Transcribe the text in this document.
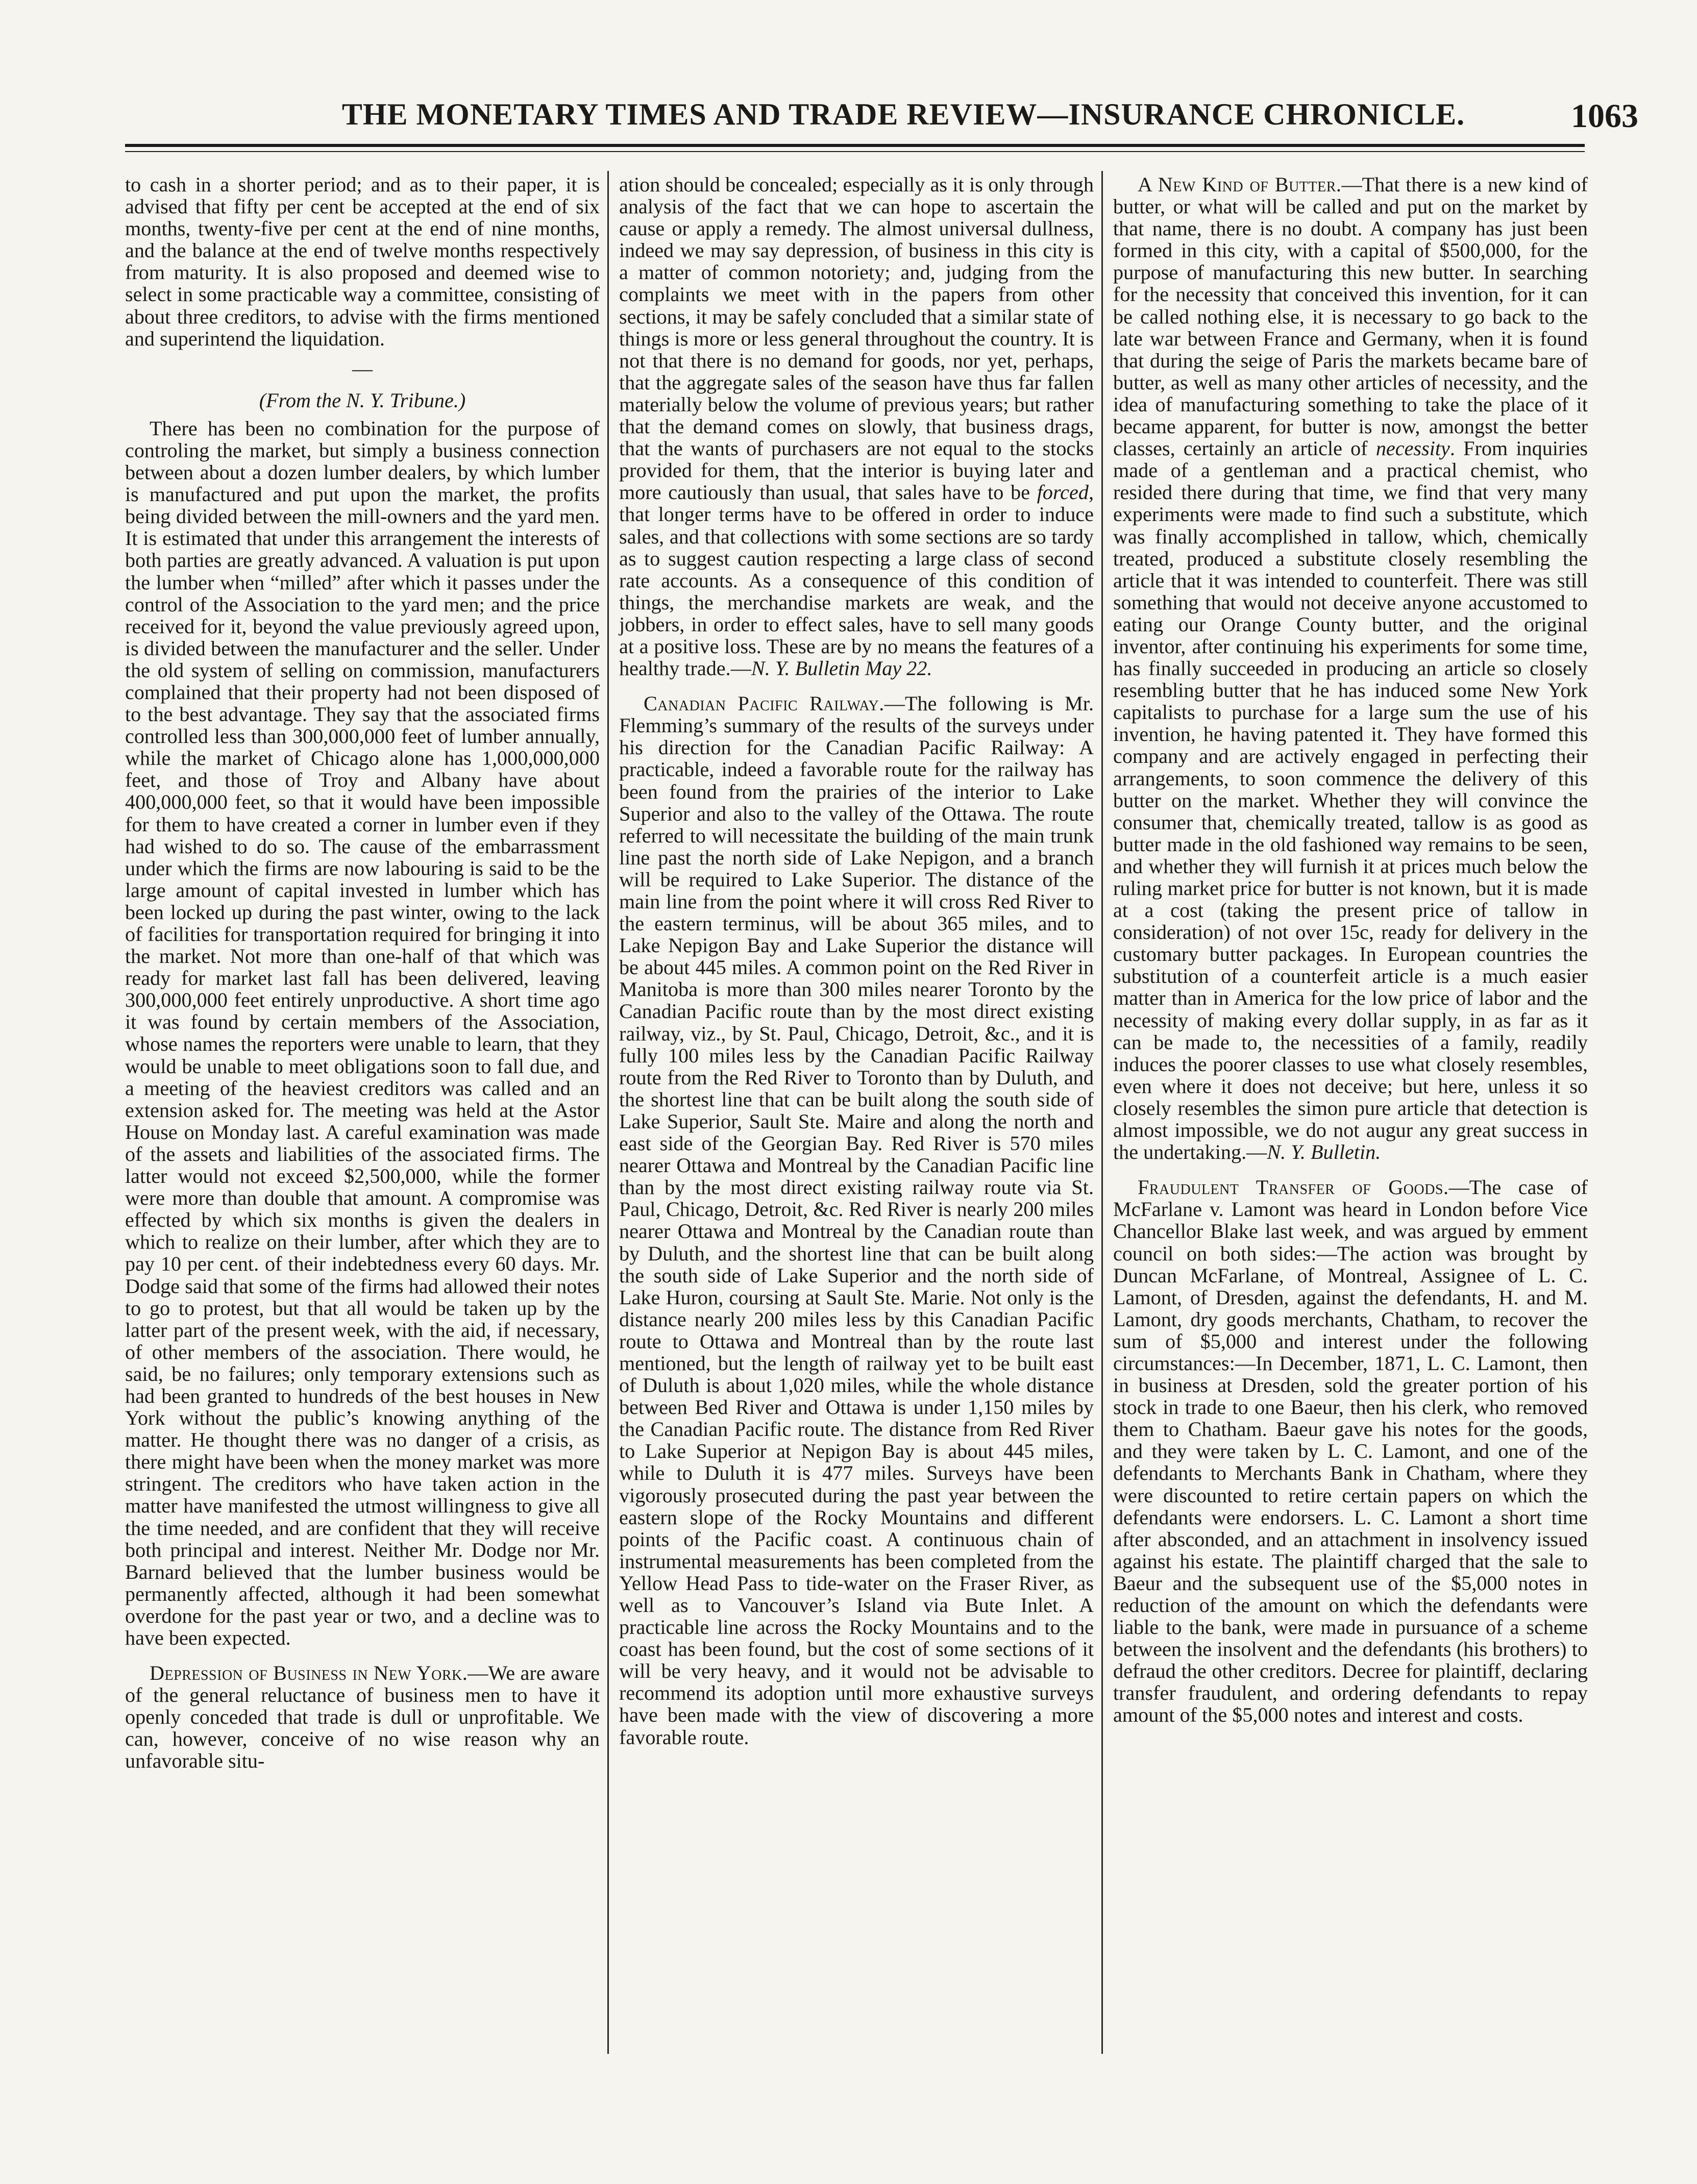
THE MONETARY TIMES AND TRADE REVIEW—INSURANCE CHRONICLE.	1063

to cash in a shorter period; and as to their paper, it is advised that fifty per cent be accepted at the end of six months, twenty-five per cent at the end of nine months, and the balance at the end of twelve months respectively from maturity. It is also proposed and deemed wise to select in some practicable way a committee, consisting of about three creditors, to advise with the firms mentioned and superintend the liquidation.

—
(From the N. Y. Tribune.)

There has been no combination for the purpose of controling the market, but simply a business connection between about a dozen lumber dealers, by which lumber is manufactured and put upon the market, the profits being divided between the mill-owners and the yard men. It is estimated that under this arrangement the interests of both parties are greatly advanced. A valuation is put upon the lumber when “milled” after which it passes under the control of the Association to the yard men; and the price received for it, beyond the value previously agreed upon, is divided between the manufacturer and the seller. Under the old system of selling on commission, manufacturers complained that their property had not been disposed of to the best advantage. They say that the associated firms controlled less than 300,000,000 feet of lumber annually, while the market of Chicago alone has 1,000,000,000 feet, and those of Troy and Albany have about 400,000,000 feet, so that it would have been impossible for them to have created a corner in lumber even if they had wished to do so. The cause of the embarrassment under which the firms are now labouring is said to be the large amount of capital invested in lumber which has been locked up during the past winter, owing to the lack of facilities for transportation required for bringing it into the market. Not more than one-half of that which was ready for market last fall has been delivered, leaving 300,000,000 feet entirely unproductive. A short time ago it was found by certain members of the Association, whose names the reporters were unable to learn, that they would be unable to meet obligations soon to fall due, and a meeting of the heaviest creditors was called and an extension asked for. The meeting was held at the Astor House on Monday last. A careful examination was made of the assets and liabilities of the associated firms. The latter would not exceed $2,500,000, while the former were more than double that amount. A compromise was effected by which six months is given the dealers in which to realize on their lumber, after which they are to pay 10 per cent. of their indebtedness every 60 days. Mr. Dodge said that some of the firms had allowed their notes to go to protest, but that all would be taken up by the latter part of the present week, with the aid, if necessary, of other members of the association. There would, he said, be no failures; only temporary extensions such as had been granted to hundreds of the best houses in New York without the public’s knowing anything of the matter. He thought there was no danger of a crisis, as there might have been when the money market was more stringent. The creditors who have taken action in the matter have manifested the utmost willingness to give all the time needed, and are confident that they will receive both principal and interest. Neither Mr. Dodge nor Mr. Barnard believed that the lumber business would be permanently affected, although it had been somewhat overdone for the past year or two, and a decline was to have been expected.

Depression of Business in New York.—We are aware of the general reluctance of business men to have it openly conceded that trade is dull or unprofitable. We can, however, conceive of no wise reason why an unfavorable situ-

ation should be concealed; especially as it is only through analysis of the fact that we can hope to ascertain the cause or apply a remedy. The almost universal dullness, indeed we may say depression, of business in this city is a matter of common notoriety; and, judging from the complaints we meet with in the papers from other sections, it may be safely concluded that a similar state of things is more or less general throughout the country. It is not that there is no demand for goods, nor yet, perhaps, that the aggregate sales of the season have thus far fallen materially below the volume of previous years; but rather that the demand comes on slowly, that business drags, that the wants of purchasers are not equal to the stocks provided for them, that the interior is buying later and more cautiously than usual, that sales have to be forced, that longer terms have to be offered in order to induce sales, and that collections with some sections are so tardy as to suggest caution respecting a large class of second rate accounts. As a consequence of this condition of things, the merchandise markets are weak, and the jobbers, in order to effect sales, have to sell many goods at a positive loss. These are by no means the features of a healthy trade.—N. Y. Bulletin May 22.

Canadian Pacific Railway.—The following is Mr. Flemming’s summary of the results of the surveys under his direction for the Canadian Pacific Railway: A practicable, indeed a favorable route for the railway has been found from the prairies of the interior to Lake Superior and also to the valley of the Ottawa. The route referred to will necessitate the building of the main trunk line past the north side of Lake Nepigon, and a branch will be required to Lake Superior. The distance of the main line from the point where it will cross Red River to the eastern terminus, will be about 365 miles, and to Lake Nepigon Bay and Lake Superior the distance will be about 445 miles. A common point on the Red River in Manitoba is more than 300 miles nearer Toronto by the Canadian Pacific route than by the most direct existing railway, viz., by St. Paul, Chicago, Detroit, &c., and it is fully 100 miles less by the Canadian Pacific Railway route from the Red River to Toronto than by Duluth, and the shortest line that can be built along the south side of Lake Superior, Sault Ste. Maire and along the north and east side of the Georgian Bay. Red River is 570 miles nearer Ottawa and Montreal by the Canadian Pacific line than by the most direct existing railway route via St. Paul, Chicago, Detroit, &c. Red River is nearly 200 miles nearer Ottawa and Montreal by the Canadian route than by Duluth, and the shortest line that can be built along the south side of Lake Superior and the north side of Lake Huron, coursing at Sault Ste. Marie. Not only is the distance nearly 200 miles less by this Canadian Pacific route to Ottawa and Montreal than by the route last mentioned, but the length of railway yet to be built east of Duluth is about 1,020 miles, while the whole distance between Bed River and Ottawa is under 1,150 miles by the Canadian Pacific route. The distance from Red River to Lake Superior at Nepigon Bay is about 445 miles, while to Duluth it is 477 miles. Surveys have been vigorously prosecuted during the past year between the eastern slope of the Rocky Mountains and different points of the Pacific coast. A continuous chain of instrumental measurements has been completed from the Yellow Head Pass to tide-water on the Fraser River, as well as to Vancouver’s Island via Bute Inlet. A practicable line across the Rocky Mountains and to the coast has been found, but the cost of some sections of it will be very heavy, and it would not be advisable to recommend its adoption until more exhaustive surveys have been made with the view of discovering a more favorable route.

A New Kind of Butter.—That there is a new kind of butter, or what will be called and put on the market by that name, there is no doubt. A company has just been formed in this city, with a capital of $500,000, for the purpose of manufacturing this new butter. In searching for the necessity that conceived this invention, for it can be called nothing else, it is necessary to go back to the late war between France and Germany, when it is found that during the seige of Paris the markets became bare of butter, as well as many other articles of necessity, and the idea of manufacturing something to take the place of it became apparent, for butter is now, amongst the better classes, certainly an article of necessity. From inquiries made of a gentleman and a practical chemist, who resided there during that time, we find that very many experiments were made to find such a substitute, which was finally accomplished in tallow, which, chemically treated, produced a substitute closely resembling the article that it was intended to counterfeit. There was still something that would not deceive anyone accustomed to eating our Orange County butter, and the original inventor, after continuing his experiments for some time, has finally succeeded in producing an article so closely resembling butter that he has induced some New York capitalists to purchase for a large sum the use of his invention, he having patented it. They have formed this company and are actively engaged in perfecting their arrangements, to soon commence the delivery of this butter on the market. Whether they will convince the consumer that, chemically treated, tallow is as good as butter made in the old fashioned way remains to be seen, and whether they will furnish it at prices much below the ruling market price for butter is not known, but it is made at a cost (taking the present price of tallow in consideration) of not over 15c, ready for delivery in the customary butter packages. In European countries the substitution of a counterfeit article is a much easier matter than in America for the low price of labor and the necessity of making every dollar supply, in as far as it can be made to, the necessities of a family, readily induces the poorer classes to use what closely resembles, even where it does not deceive; but here, unless it so closely resembles the simon pure article that detection is almost impossible, we do not augur any great success in the undertaking.—N. Y. Bulletin.

Fraudulent Transfer of Goods.—The case of McFarlane v. Lamont was heard in London before Vice Chancellor Blake last week, and was argued by emment council on both sides:—The action was brought by Duncan McFarlane, of Montreal, Assignee of L. C. Lamont, of Dresden, against the defendants, H. and M. Lamont, dry goods merchants, Chatham, to recover the sum of $5,000 and interest under the following circumstances:—In December, 1871, L. C. Lamont, then in business at Dresden, sold the greater portion of his stock in trade to one Baeur, then his clerk, who removed them to Chatham. Baeur gave his notes for the goods, and they were taken by L. C. Lamont, and one of the defendants to Merchants Bank in Chatham, where they were discounted to retire certain papers on which the defendants were endorsers. L. C. Lamont a short time after absconded, and an attachment in insolvency issued against his estate. The plaintiff charged that the sale to Baeur and the subsequent use of the $5,000 notes in reduction of the amount on which the defendants were liable to the bank, were made in pursuance of a scheme between the insolvent and the defendants (his brothers) to defraud the other creditors. Decree for plaintiff, declaring transfer fraudulent, and ordering defendants to repay amount of the $5,000 notes and interest and costs.
